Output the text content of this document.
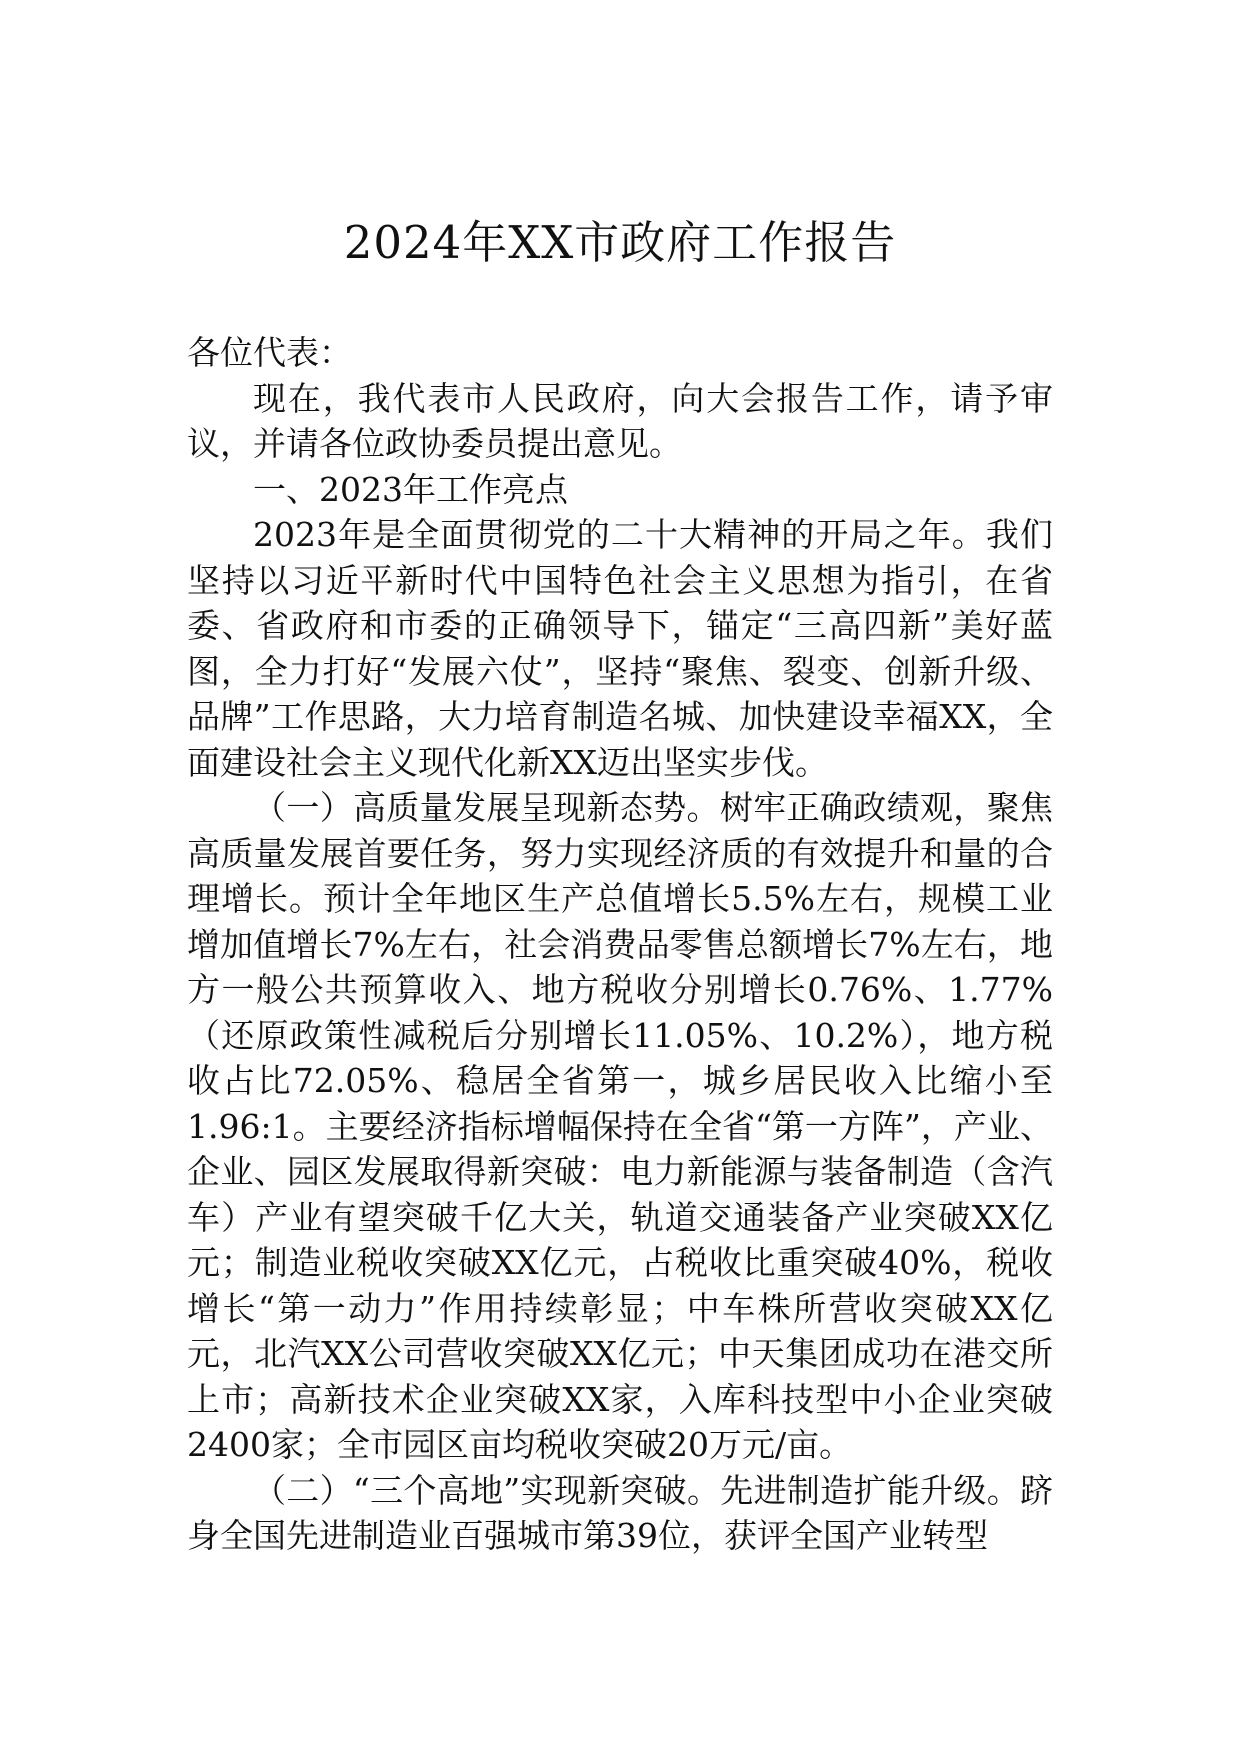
2024年XX市政府工作报告

各位代表：

现在，我代表市人民政府，向大会报告工作，请予审议，并请各位政协委员提出意见。

一、2023年工作亮点

2023年是全面贯彻党的二十大精神的开局之年。我们坚持以习近平新时代中国特色社会主义思想为指引，在省委、省政府和市委的正确领导下，锚定“三高四新”美好蓝图，全力打好“发展六仗”，坚持“聚焦、裂变、创新升级、品牌”工作思路，大力培育制造名城、加快建设幸福XX，全面建设社会主义现代化新XX迈出坚实步伐。

（一）高质量发展呈现新态势。树牢正确政绩观，聚焦高质量发展首要任务，努力实现经济质的有效提升和量的合理增长。预计全年地区生产总值增长5.5%左右，规模工业增加值增长7%左右，社会消费品零售总额增长7%左右，地方一般公共预算收入、地方税收分别增长0.76%、1.77%（还原政策性减税后分别增长11.05%、10.2%），地方税收占比72.05%、稳居全省第一，城乡居民收入比缩小至1.96:1。主要经济指标增幅保持在全省“第一方阵”，产业、企业、园区发展取得新突破：电力新能源与装备制造（含汽车）产业有望突破千亿大关，轨道交通装备产业突破XX亿元；制造业税收突破XX亿元，占税收比重突破40%，税收增长“第一动力”作用持续彰显；中车株所营收突破XX亿元，北汽XX公司营收突破XX亿元；中天集团成功在港交所上市；高新技术企业突破XX家，入库科技型中小企业突破2400家；全市园区亩均税收突破20万元/亩。

（二）“三个高地”实现新突破。先进制造扩能升级。跻身全国先进制造业百强城市第39位，获评全国产业转型
